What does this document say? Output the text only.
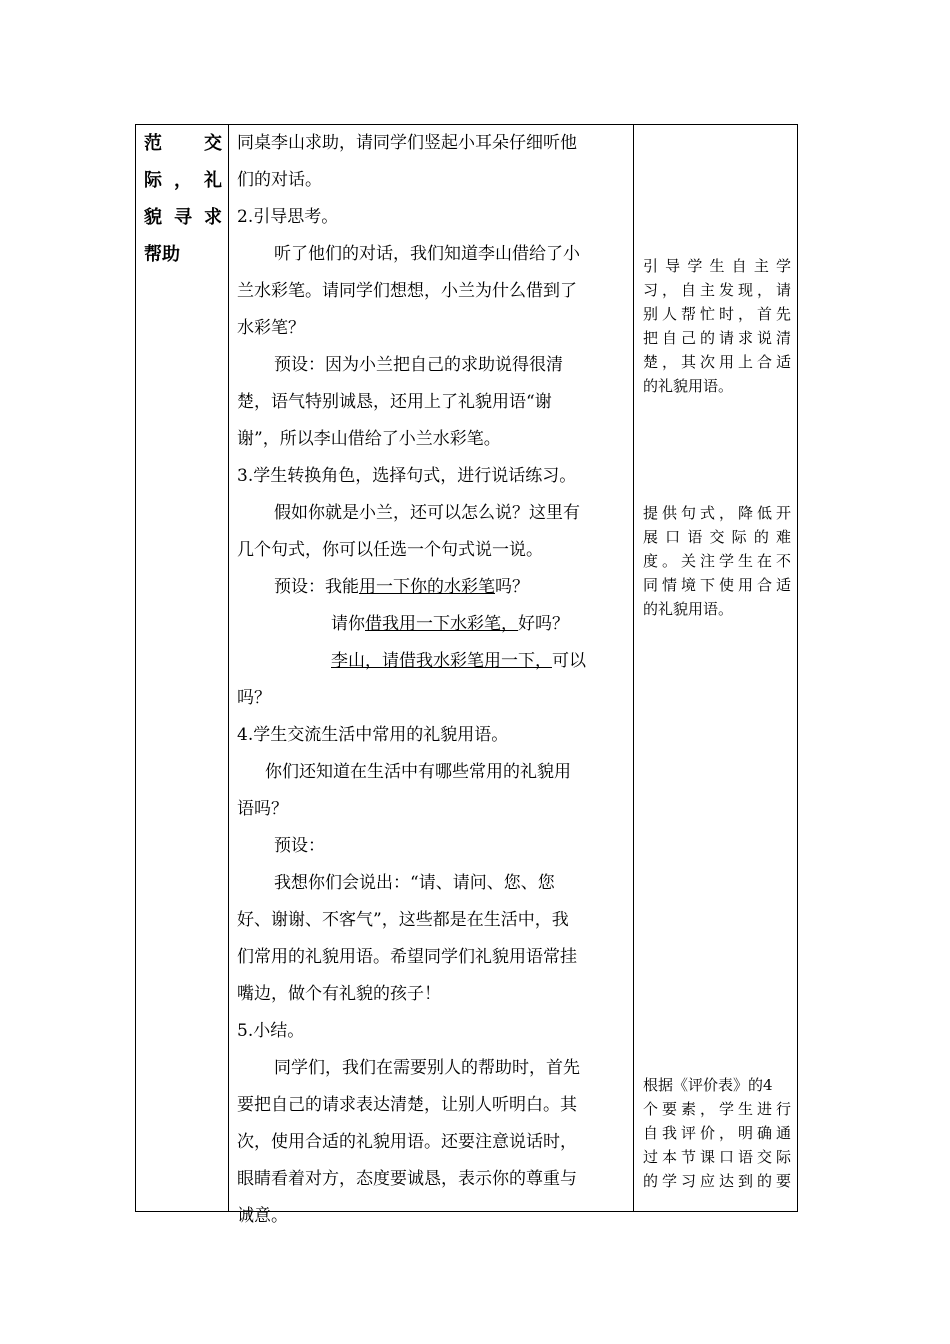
范　交
际，礼
貌寻求
帮助
同桌李山求助，请同学们竖起小耳朵仔细听他
们的对话。
2.引导思考。
听了他们的对话，我们知道李山借给了小
兰水彩笔。请同学们想想，小兰为什么借到了
水彩笔？
预设：因为小兰把自己的求助说得很清
楚，语气特别诚恳，还用上了礼貌用语“谢
谢”，所以李山借给了小兰水彩笔。
3.学生转换角色，选择句式，进行说话练习。
假如你就是小兰，还可以怎么说？这里有
几个句式，你可以任选一个句式说一说。
预设：我能用一下你的水彩笔吗？
请你借我用一下水彩笔，好吗？
李山，请借我水彩笔用一下，可以
吗？
4.学生交流生活中常用的礼貌用语。
你们还知道在生活中有哪些常用的礼貌用
语吗？
预设：
我想你们会说出：“请、请问、您、您
好、谢谢、不客气”，这些都是在生活中，我
们常用的礼貌用语。希望同学们礼貌用语常挂
嘴边，做个有礼貌的孩子！
5.小结。
同学们，我们在需要别人的帮助时，首先
要把自己的请求表达清楚，让别人听明白。其
次，使用合适的礼貌用语。还要注意说话时，
眼睛看着对方，态度要诚恳，表示你的尊重与
诚意。
引导学生自主学
习，自主发现，请
别人帮忙时，首先
把自己的请求说清
楚，其次用上合适
的礼貌用语。
提供句式，降低开
展口语交际的难
度。关注学生在不
同情境下使用合适
的礼貌用语。
根据《评价表》的4
个要素，学生进行
自我评价，明确通
过本节课口语交际
的学习应达到的要
